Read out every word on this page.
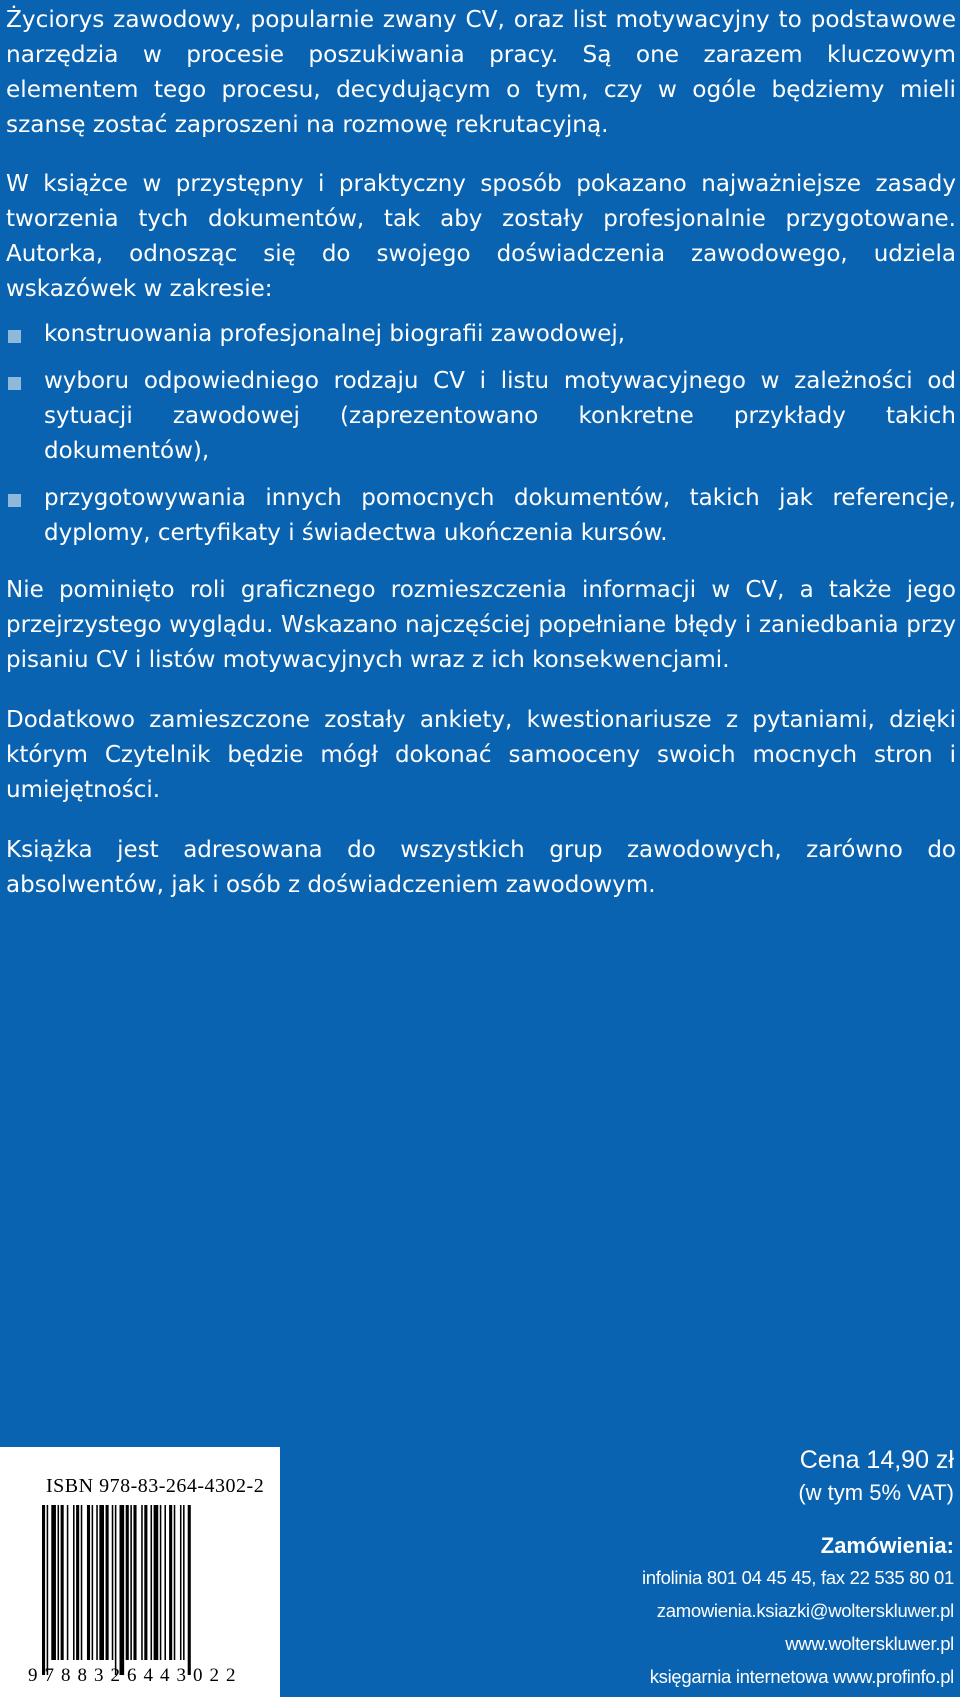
Życiorys zawodowy, popularnie zwany CV, oraz list motywacyjny to podstawowe narzędzia w procesie poszukiwania pracy. Są one zarazem kluczowym elementem tego procesu, decydującym o tym, czy w ogóle będziemy mieli szansę zostać zaproszeni na rozmowę rekrutacyjną.

W książce w przystępny i praktyczny sposób pokazano najważniejsze zasady tworzenia tych dokumentów, tak aby zostały profesjonalnie przygotowane. Autorka, odnosząc się do swojego doświadczenia zawodowego, udziela wskazówek w zakresie:

konstruowania profesjonalnej biografii zawodowej,
wyboru odpowiedniego rodzaju CV i listu motywacyjnego w zależności od sytuacji zawodowej (zaprezentowano konkretne przykłady takich dokumentów),
przygotowywania innych pomocnych dokumentów, takich jak referencje, dyplomy, certyfikaty i świadectwa ukończenia kursów.

Nie pominięto roli graficznego rozmieszczenia informacji w CV, a także jego przejrzystego wyglądu. Wskazano najczęściej popełniane błędy i zaniedbania przy pisaniu CV i listów motywacyjnych wraz z ich konsekwencjami.

Dodatkowo zamieszczone zostały ankiety, kwestionariusze z pytaniami, dzięki którym Czytelnik będzie mógł dokonać samooceny swoich mocnych stron i umiejętności.

Książka jest adresowana do wszystkich grup zawodowych, zarówno do absolwentów, jak i osób z doświadczeniem zawodowym.

ISBN 978-83-264-4302-2
9788326443022
Cena 14,90 zł
(w tym 5% VAT)
Zamówienia:
infolinia 801 04 45 45, fax 22 535 80 01
zamowienia.ksiazki@wolterskluwer.pl
www.wolterskluwer.pl
księgarnia internetowa www.profinfo.pl
